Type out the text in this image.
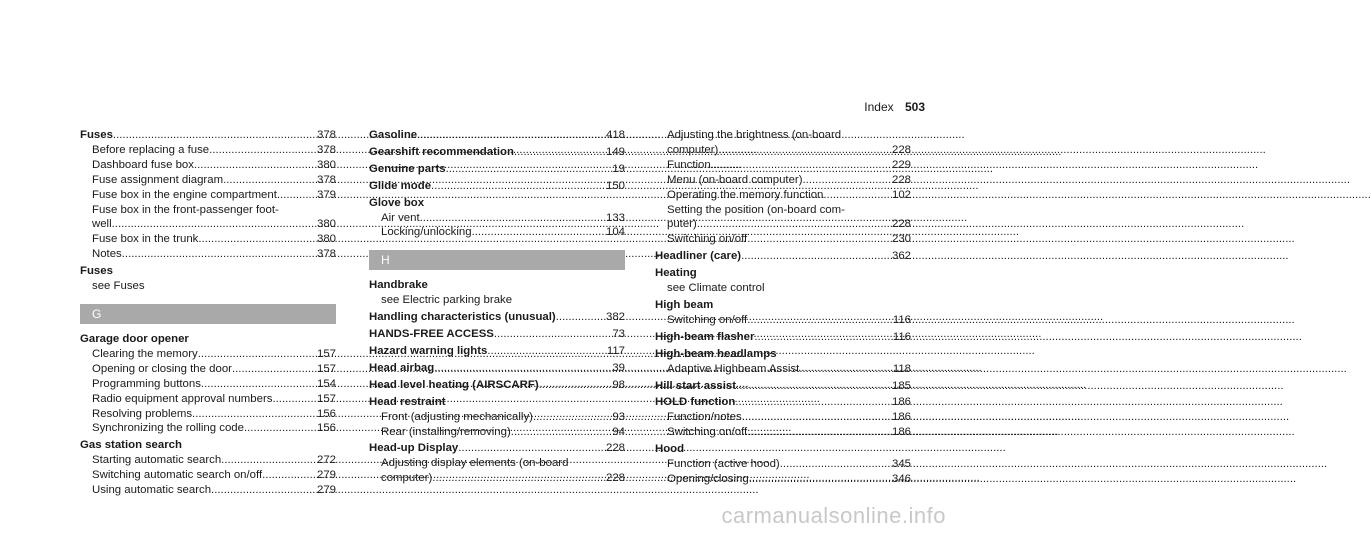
Index 503
Fuses .....	378
Before replacing a fuse .....	378
Dashboard fuse box .....	380
Fuse assignment diagram .....	378
Fuse box in the engine compartment .....	379
Fuse box in the front-passenger foot-
well .....	380
Fuse box in the trunk .....	380
Notes .....	378
Fuses
see Fuses
G
Garage door opener
Clearing the memory .....	157
Opening or closing the door .....	157
Programming buttons .....	154
Radio equipment approval numbers .....	157
Resolving problems .....	156
Synchronizing the rolling code .....	156
Gas station search
Starting automatic search .....	272
Switching automatic search on/off .....	279
Using automatic search .....	279
Gasoline .....	418
Gearshift recommendation .....	149
Genuine parts .....	19
Glide mode .....	150
Glove box
Air vent .....	133
Locking/unlocking .....	104
H
Handbrake
see Electric parking brake
Handling characteristics (unusual) .....	382
HANDS-FREE ACCESS .....	73
Hazard warning lights .....	117
Head airbag .....	39
Head level heating (AIRSCARF) .....	98
Head restraint
Front (adjusting mechanically) .....	93
Rear (installing/removing) .....	94
Head-up Display .....	228
Adjusting display elements (on-board
computer) .....	228
Adjusting the brightness (on-board
computer) .....	228
Function .....	229
Menu (on-board computer) .....	228
Operating the memory function .....	102
Setting the position (on-board com-
puter) .....	228
Switching on/off .....	230
Headliner (care) .....	362
Heating
see Climate control
High beam
Switching on/off .....	116
High-beam flasher .....	116
High-beam headlamps
Adaptive Highbeam Assist .....	118
Hill start assist .....	185
HOLD function .....	186
Function/notes .....	186
Switching on/off .....	186
Hood
Function (active hood) .....	345
Opening/closing .....	346
carmanualsonline.info
